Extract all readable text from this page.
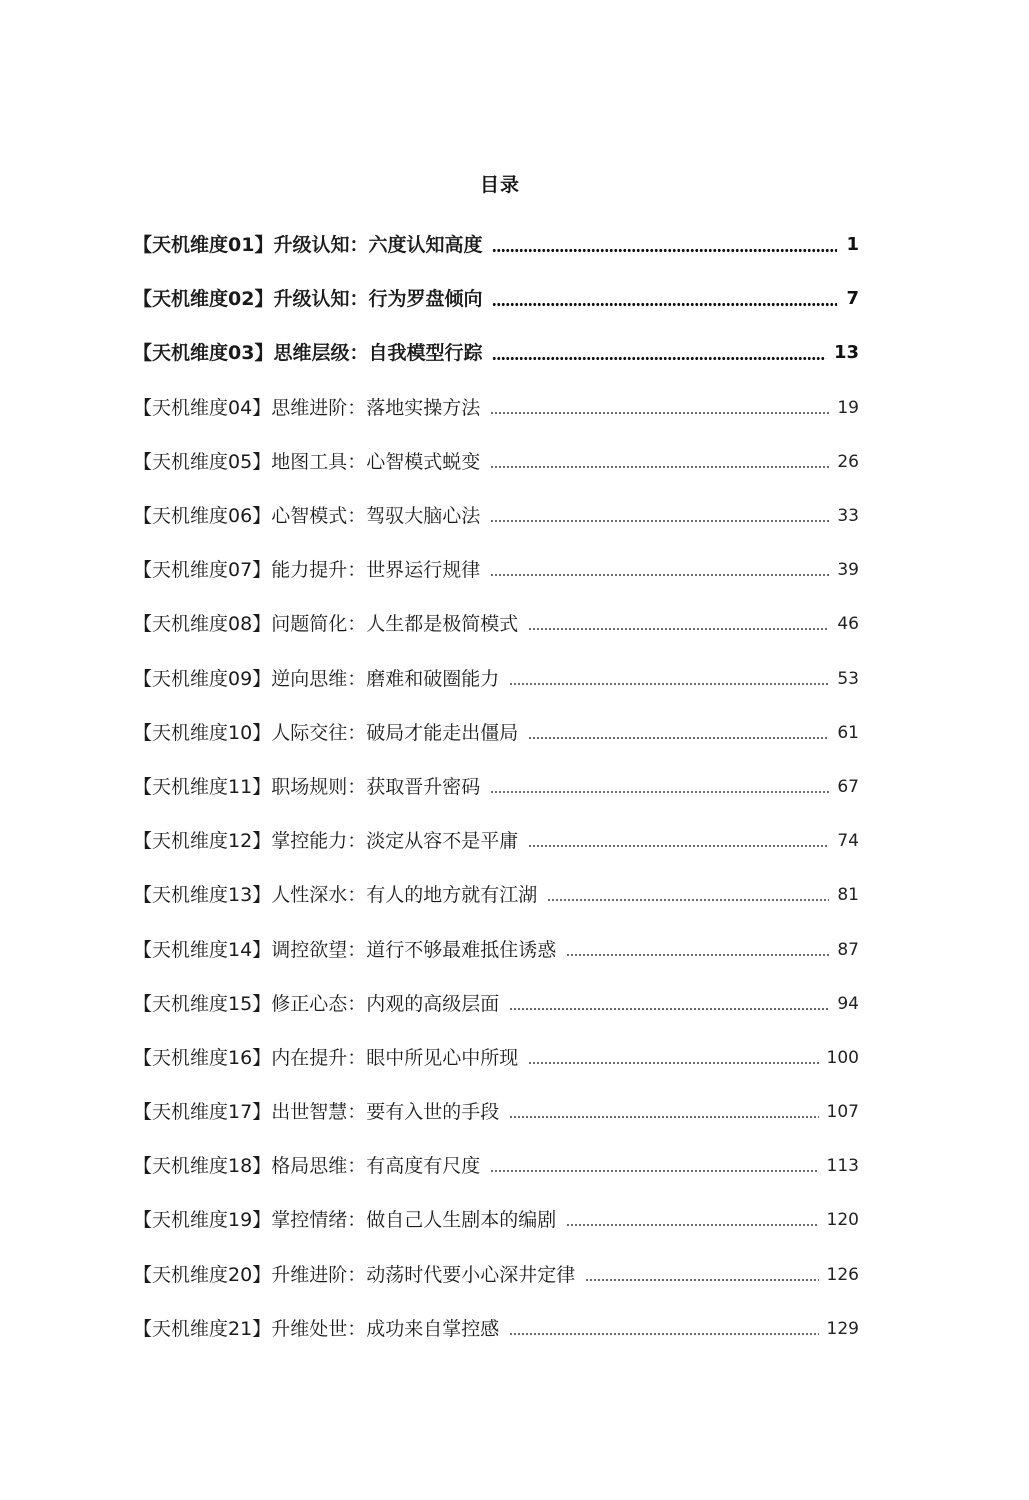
目录
【天机维度01】升级认知：六度认知高度	1
【天机维度02】升级认知：行为罗盘倾向	7
【天机维度03】思维层级：自我模型行踪	13
【天机维度04】思维进阶：落地实操方法	19
【天机维度05】地图工具：心智模式蜕变	26
【天机维度06】心智模式：驾驭大脑心法	33
【天机维度07】能力提升：世界运行规律	39
【天机维度08】问题简化：人生都是极简模式	46
【天机维度09】逆向思维：磨难和破圈能力	53
【天机维度10】人际交往：破局才能走出僵局	61
【天机维度11】职场规则：获取晋升密码	67
【天机维度12】掌控能力：淡定从容不是平庸	74
【天机维度13】人性深水：有人的地方就有江湖	81
【天机维度14】调控欲望：道行不够最难抵住诱惑	87
【天机维度15】修正心态：内观的高级层面	94
【天机维度16】内在提升：眼中所见心中所现	100
【天机维度17】出世智慧：要有入世的手段	107
【天机维度18】格局思维：有高度有尺度	113
【天机维度19】掌控情绪：做自己人生剧本的编剧	120
【天机维度20】升维进阶：动荡时代要小心深井定律	126
【天机维度21】升维处世：成功来自掌控感	129
